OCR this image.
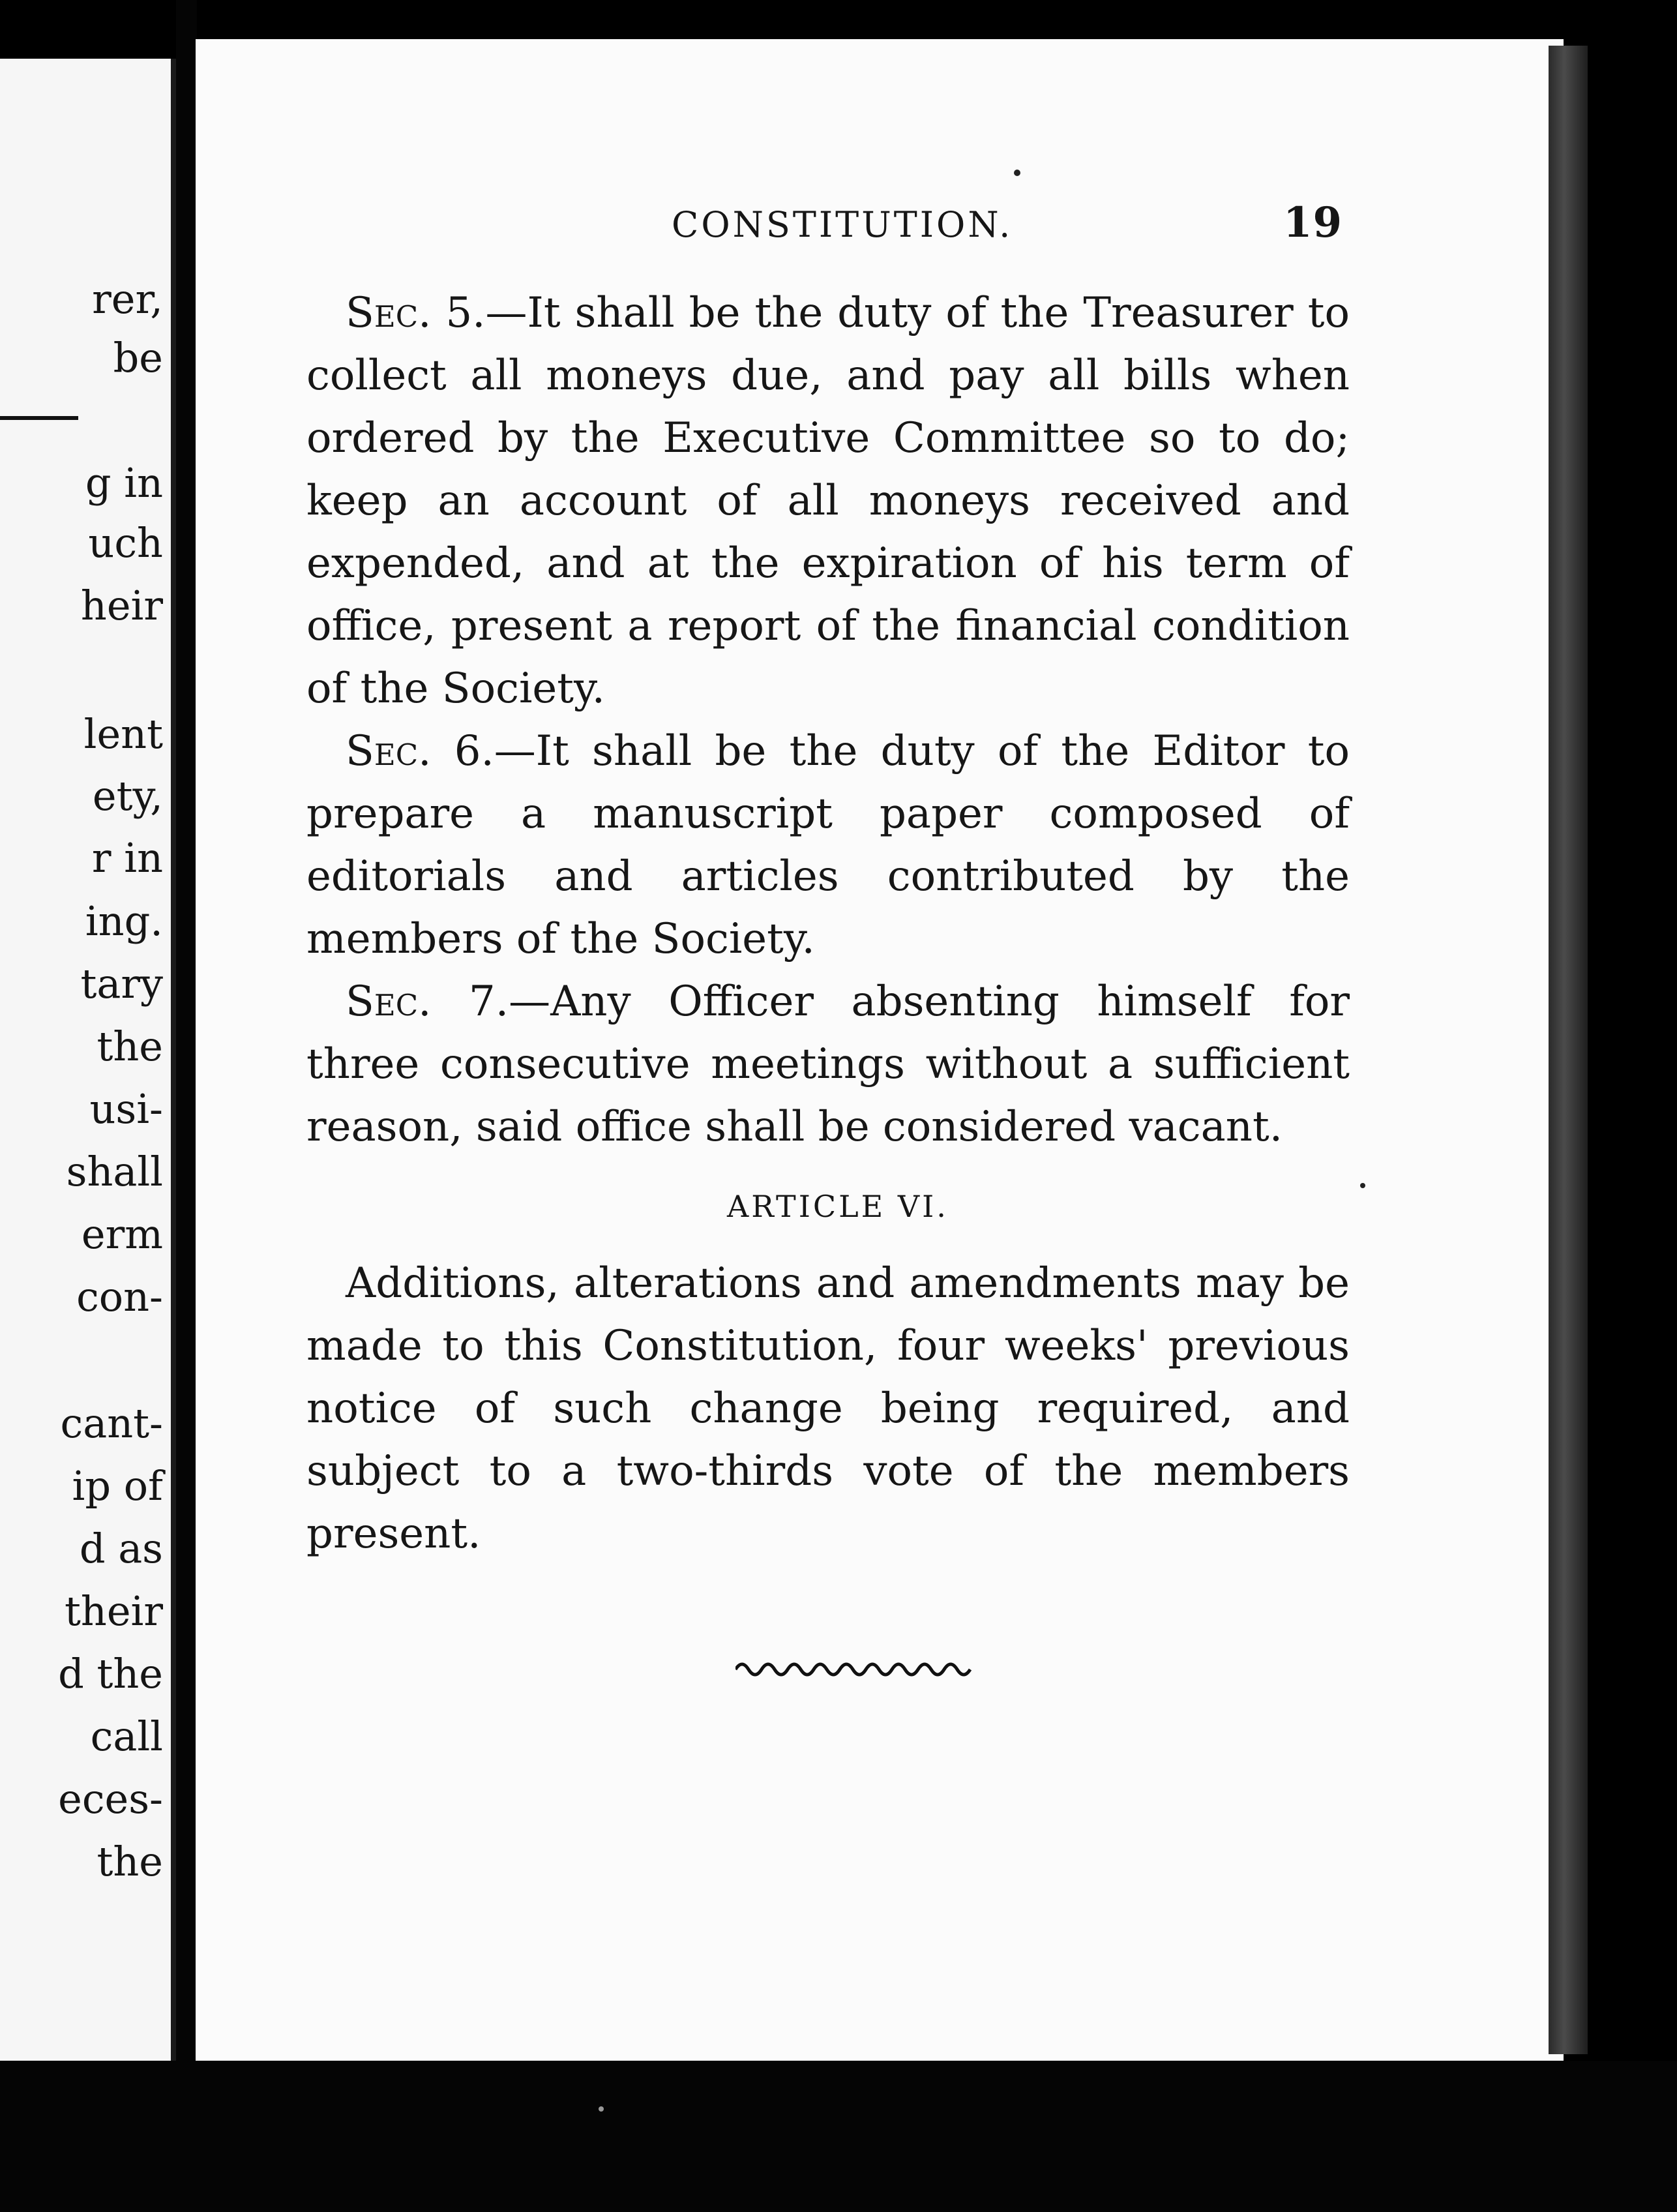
rer,
be
g in
uch
heir
lent
ety,
r in
ing.
tary
the
usi-
shall
erm
con-
cant-
ip of
d as
their
d the
call
eces-
the
CONSTITUTION.	19
Sec. 5.—It shall be the duty of the Treasurer to collect all moneys due, and pay all bills when ordered by the Executive Committee so to do; keep an account of all moneys received and expended, and at the expiration of his term of office, present a report of the financial condition of the Society.
Sec. 6.—It shall be the duty of the Editor to prepare a manuscript paper composed of editorials and articles contributed by the members of the Society.
Sec. 7.—Any Officer absenting himself for three consecutive meetings without a sufficient reason, said office shall be considered vacant.
ARTICLE VI.
Additions, alterations and amendments may be made to this Constitution, four weeks' previous notice of such change being required, and subject to a two-thirds vote of the members present.
